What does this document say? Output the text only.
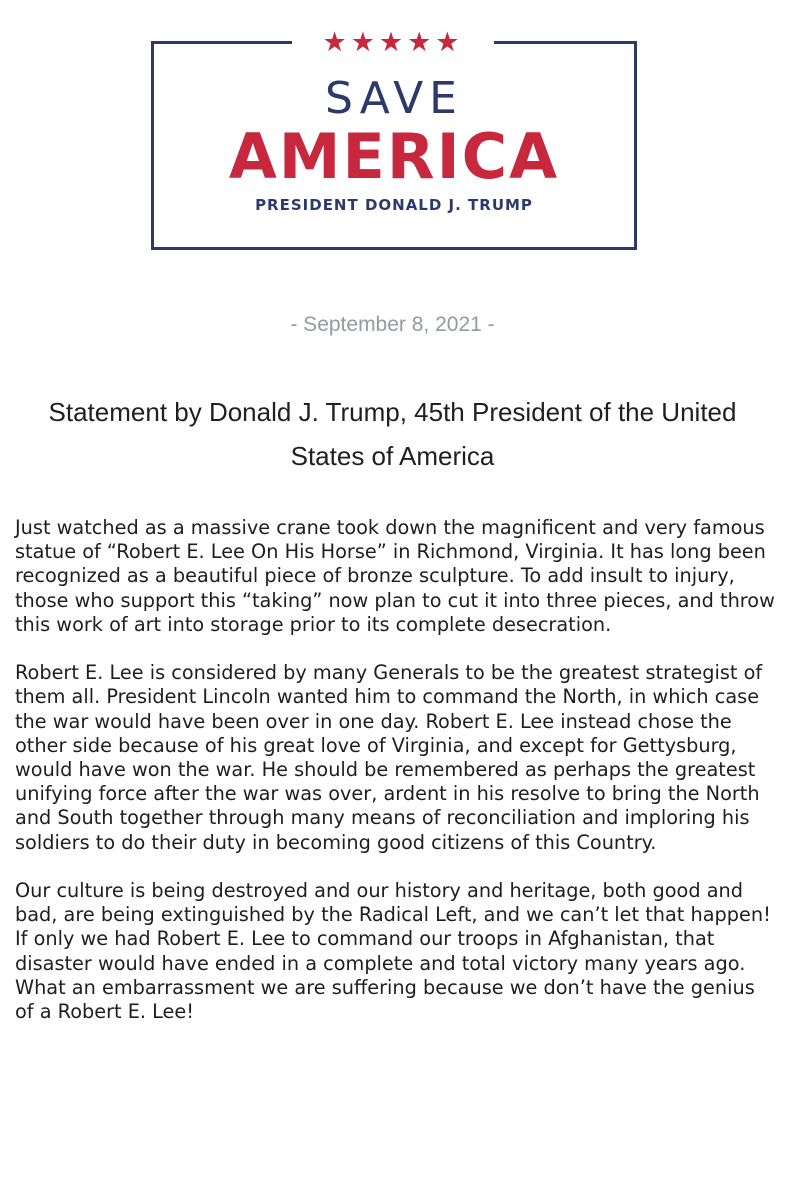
★★★★★
SAVE
AMERICA
PRESIDENT DONALD J. TRUMP
- September 8, 2021 -
Statement by Donald J. Trump, 45th President of the United States of America

Just watched as a massive crane took down the magnificent and very famous statue of “Robert E. Lee On His Horse” in Richmond, Virginia. It has long been recognized as a beautiful piece of bronze sculpture. To add insult to injury, those who support this “taking” now plan to cut it into three pieces, and throw this work of art into storage prior to its complete desecration.

Robert E. Lee is considered by many Generals to be the greatest strategist of them all. President Lincoln wanted him to command the North, in which case the war would have been over in one day. Robert E. Lee instead chose the other side because of his great love of Virginia, and except for Gettysburg, would have won the war. He should be remembered as perhaps the greatest unifying force after the war was over, ardent in his resolve to bring the North and South together through many means of reconciliation and imploring his soldiers to do their duty in becoming good citizens of this Country.

Our culture is being destroyed and our history and heritage, both good and bad, are being extinguished by the Radical Left, and we can’t let that happen! If only we had Robert E. Lee to command our troops in Afghanistan, that disaster would have ended in a complete and total victory many years ago. What an embarrassment we are suffering because we don’t have the genius of a Robert E. Lee!
